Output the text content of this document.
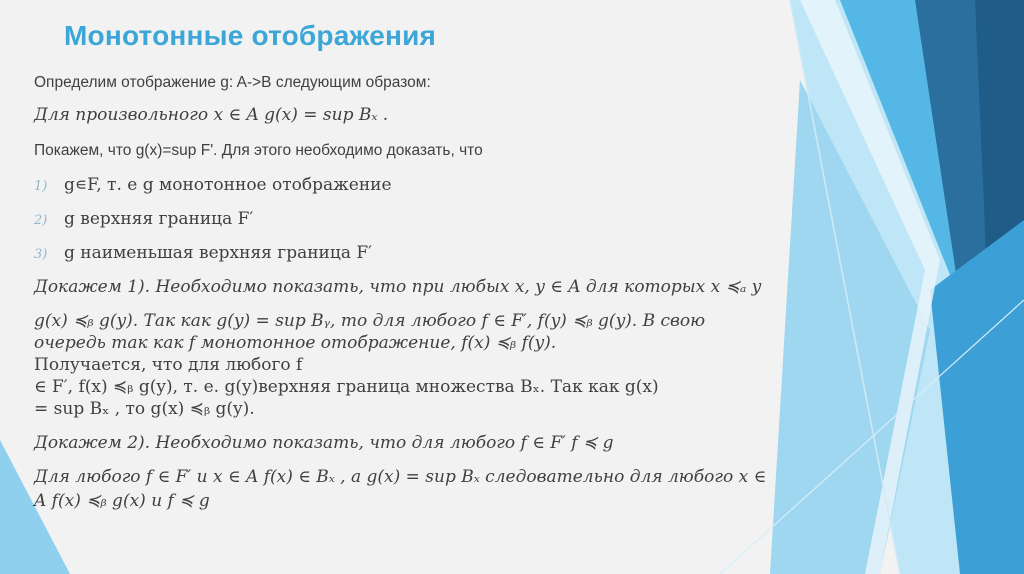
Монотонные отображения
Определим отображение g: A->B следующим образом:
Для произвольного x ∈ A g(x) = sup Bₓ .
Покажем, что g(x)=sup F'. Для этого необходимо доказать, что
1) g∊F, т. е g монотонное отображение
2) g верхняя граница F′
3) g наименьшая верхняя граница F′
Докажем 1). Необходимо показать, что при любых x, y ∈ A для которых x ≼ₐ y
g(x) ≼ᵦ g(y). Так как g(y) = sup Bᵧ, то для любого f ∈ F′, f(y) ≼ᵦ g(y). В свою
очередь так как f монотонное отображение, f(x) ≼ᵦ f(y).
Получается, что для любого f
∈ F′, f(x) ≼ᵦ g(y), т. е. g(y)верхняя граница множества Bₓ. Так как g(x)
= sup Bₓ , то g(x) ≼ᵦ g(y).
Докажем 2). Необходимо показать, что для любого f ∈ F′ f ≼ g
Для любого f ∈ F′ и x ∈ A f(x) ∈ Bₓ , а g(x) = sup Bₓ следовательно для любого x ∈
A f(x) ≼ᵦ g(x) и f ≼ g
